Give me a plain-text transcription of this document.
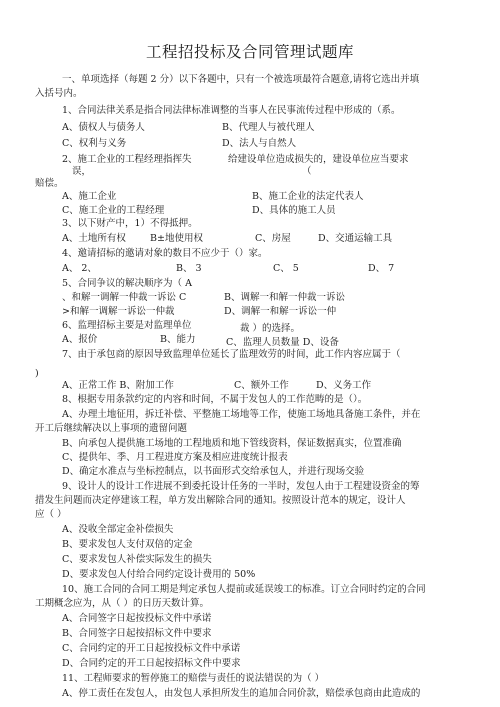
工程招投标及合同管理试题库
一、单项选择（每题 2 分）以下各题中，只有一个被选项最符合题意,请将它选出并填
入括号内。
1、合同法律关系是指合同法律标准调整的当事人在民事流传过程中形成的（系。
A、债权人与债务人	B、代理人与被代理人
C、权利与义务	D、法人与自然人
2、施工企业的工程经理指挥失	给建设单位造成损失的，建设单位应当要求
误，	（
赔偿。
A、施工企业	B、施工企业的法定代表人
C、施工企业的工程经理	D、具体的施工人员
3、以下财产中，1）不得抵押。
A、土地所有权	B±地使用权	C、房屋	D、交通运输工具
4、邀请招标的邀请对象的数目不应少于（）家。
A、 2、	B、 3	C、 5	D、 7
5、合同争议的解决顺序为（ A
、和解一调解一仲裁一诉讼 C	B、调解一和解一仲裁一诉讼
>和解一调解一诉讼一仲裁	D、调解一和解一诉讼一仲
6、监理招标主要是对监理单位	裁 ）的选择。
A、报价	B、能力	C、监理人员数量 D、设备
7、由于承包商的原因导致监理单位延长了监理效劳的时间，此工作内容应属于（
)
A、正常工作 B、附加工作	C、额外工作	D、义务工作
8、根据专用条款约定的内容和时间，不属于发包人的工作范畴的是（）。
A、办理土地征用，拆迁补偿、平整施工场地等工作，使施工场地具备施工条件，并在
开工后继续解决以上事项的遗留问题
B、向承包人提供施工场地的工程地质和地下管线资料，保证数据真实，位置准确
C、提供年、季、月工程进度方案及相应进度统计报表
D、确定水准点与坐标控制点，以书面形式交给承包人，并进行现场交验
9、设计人的设计工作进展不到委托设计任务的一半时，发包人由于工程建设资金的筹
措发生问题而决定停建该工程，单方发出解除合同的通知。按照设计范本的规定，设计人
应（ ）
A、没收全部定金补偿损失
B、要求发包人支付双倍的定金
C、要求发包人补偿实际发生的损失
D、要求发包人付给合同约定设计费用的 50%
10、施工合同的合同工期是判定承包人提前或延误竣工的标准。订立合同时约定的合同
工期概念应为，从（ ）的日历天数计算。
A、合同签字日起按投标文件中承诺
B、合同签字日起按招标文件中要求
C、合同约定的开工日起按投标文件中承诺
D、合同约定的开工日起按招标文件中要求
11、工程师要求的暂停施工的赔偿与责任的说法错误的为（ ）
A、停工责任在发包人，由发包人承担所发生的追加合同价款，赔偿承包商由此造成的
